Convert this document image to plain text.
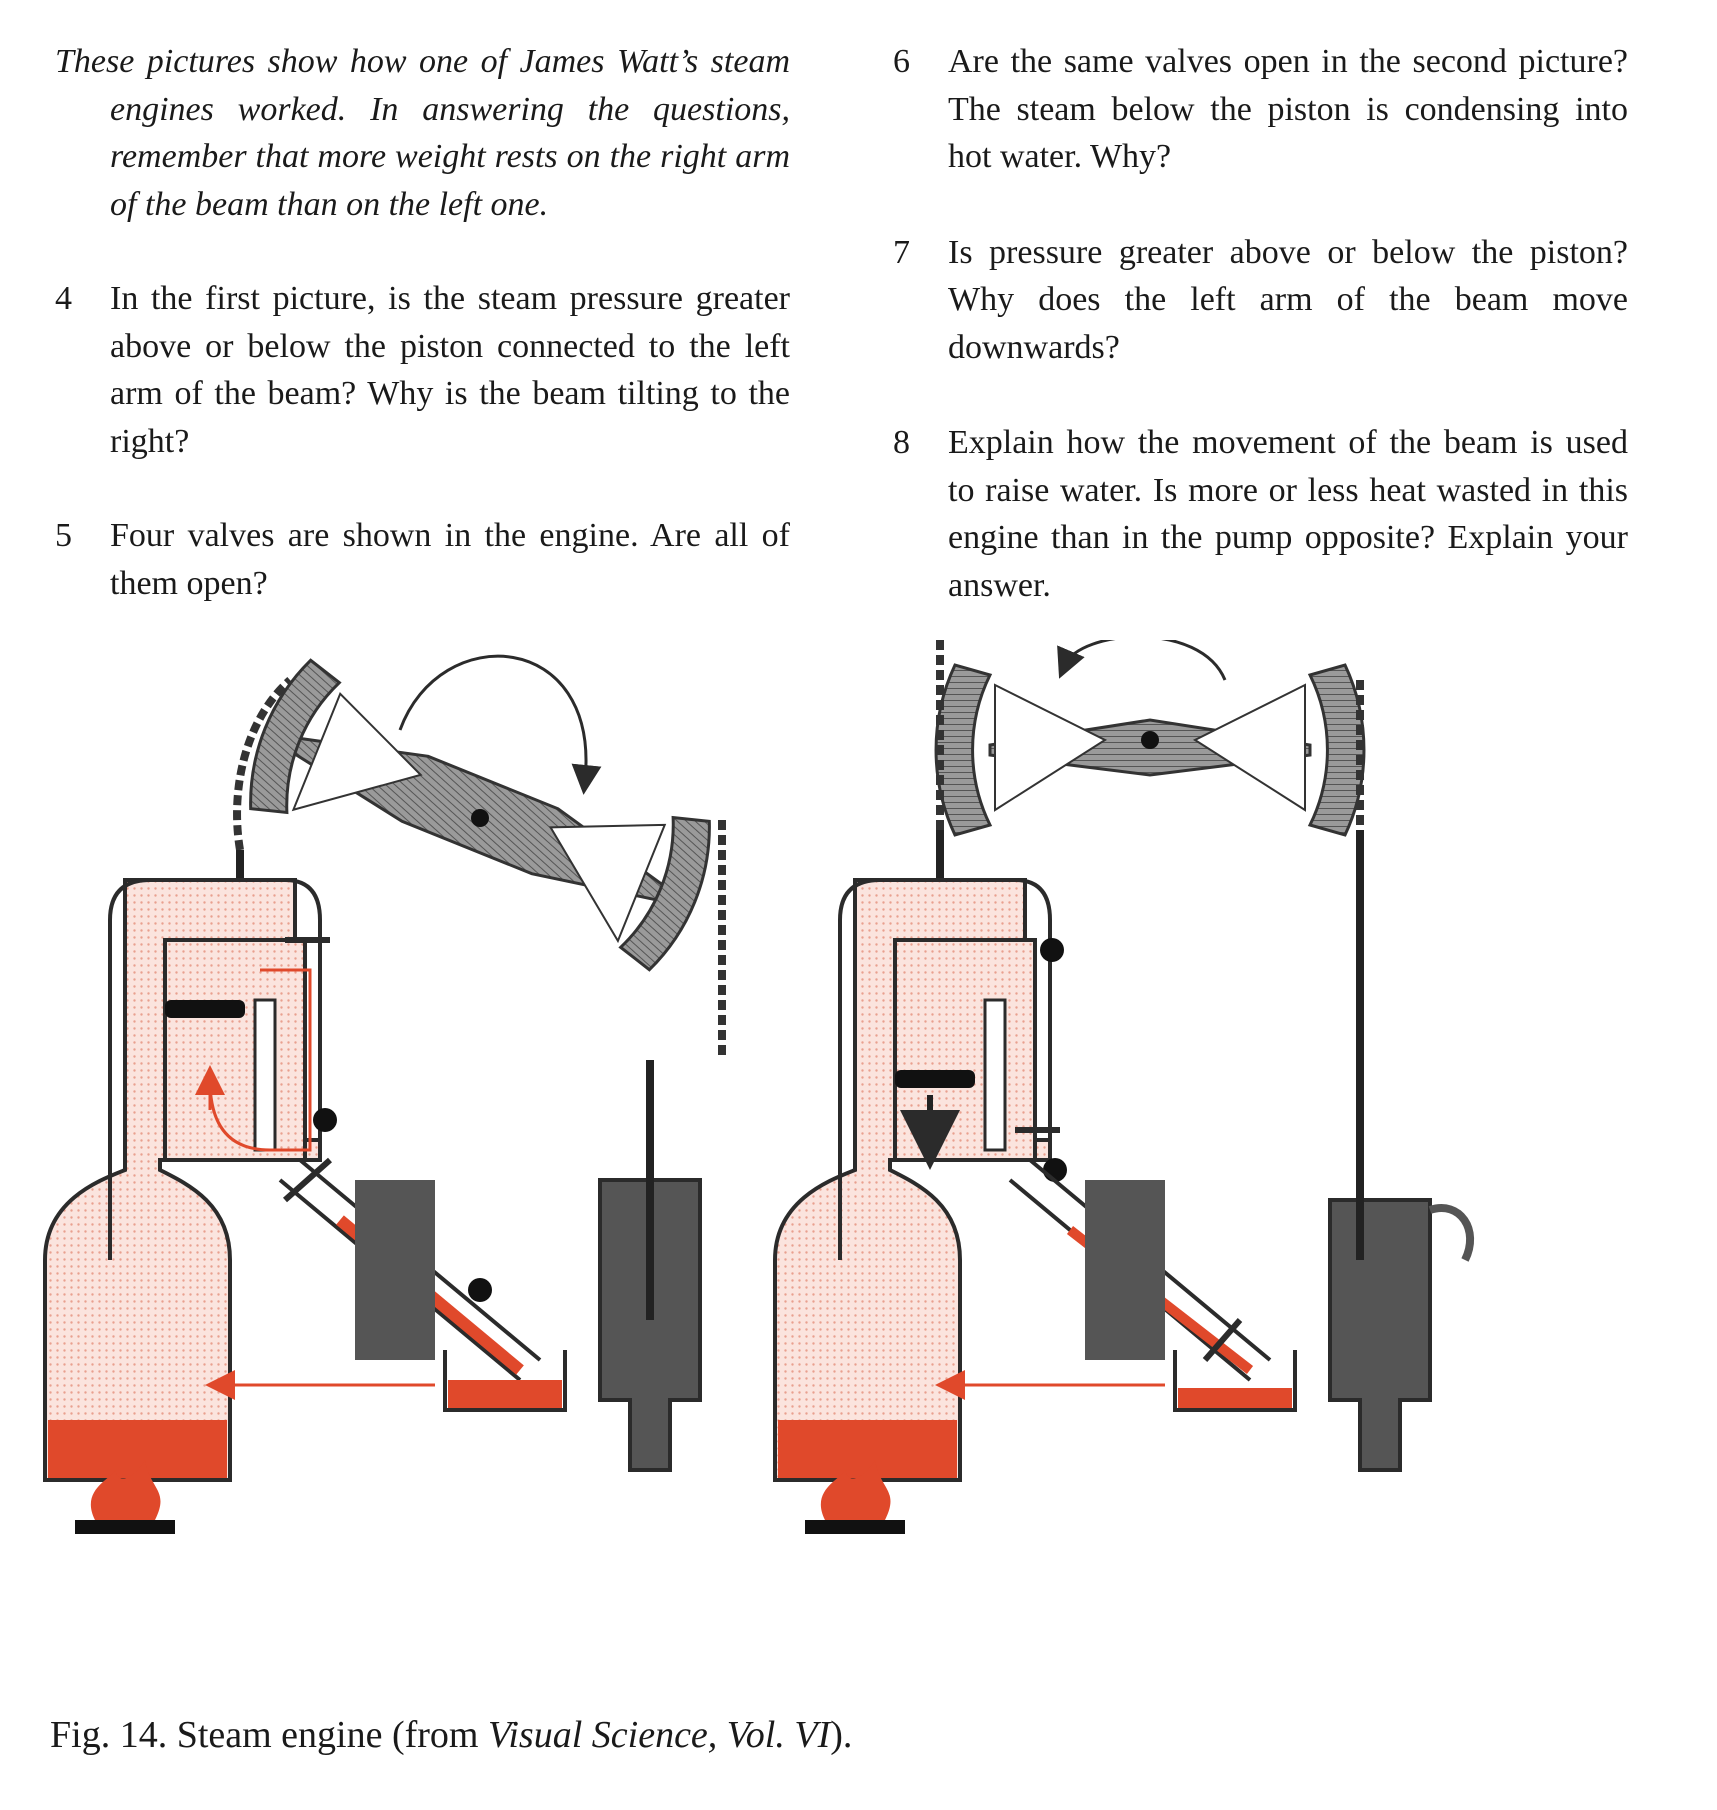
These pictures show how one of James Watt’s steam engines worked. In answering the questions, remember that more weight rests on the right arm of the beam than on the left one.
4 In the first picture, is the steam pressure greater above or below the piston connected to the left arm of the beam? Why is the beam tilting to the right?
5 Four valves are shown in the engine. Are all of them open?
6 Are the same valves open in the second picture? The steam below the piston is condensing into hot water. Why?
7 Is pressure greater above or below the piston? Why does the left arm of the beam move downwards?
8 Explain how the movement of the beam is used to raise water. Is more or less heat wasted in this engine than in the pump opposite? Explain your answer.
Fig. 14. Steam engine (from Visual Science, Vol. VI).
